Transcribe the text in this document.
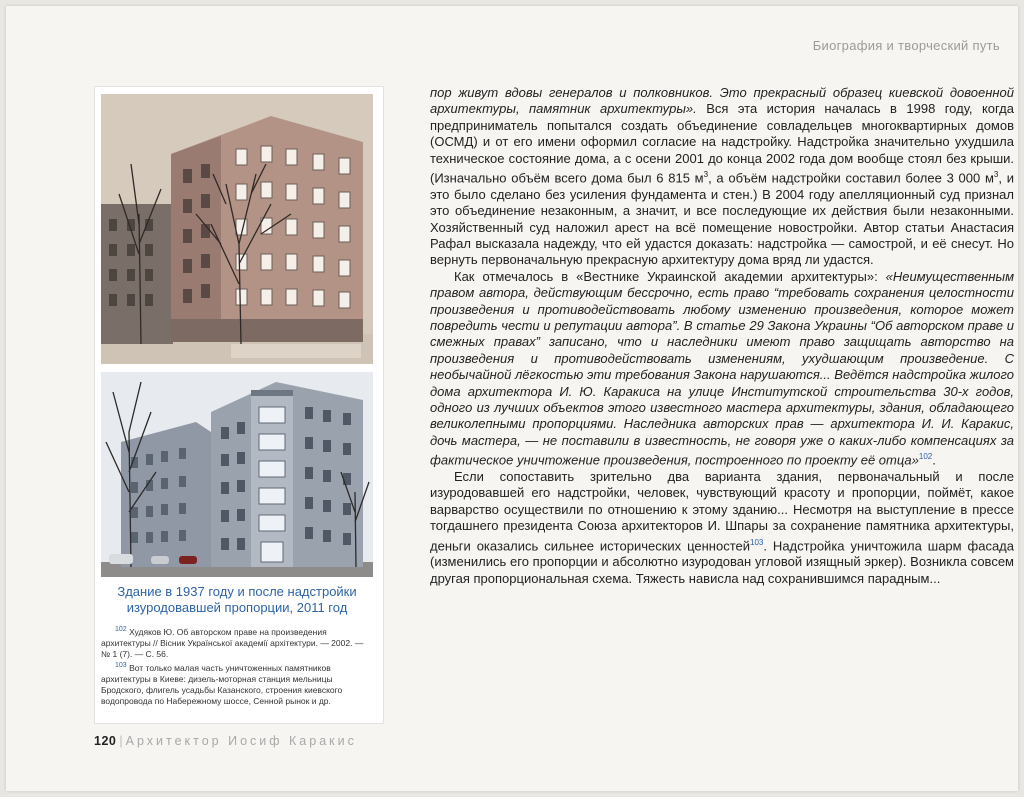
Биография и творческий путь
Здание в 1937 году и после надстройки изуродовавшей пропорции, 2011 год

$^{102}$ Худяков Ю. Об авторском праве на произведения архитектуры // Вісник Української академії архітектури. — 2002. — № 1 (7). — С. 56.

$^{103}$ Вот только малая часть уничтоженных памятников архитектуры в Киеве: дизель-моторная станция мельницы Бродского, флигель усадьбы Казанского, строения киевского водопровода по Набережному шоссе, Сенной рынок и др.

пор живут вдовы генералов и полковников. Это прекрасный образец киевской довоенной архитектуры, памятник архитектуры». Вся эта история началась в 1998 году, когда предприниматель попытался создать объединение совладельцев многоквартирных домов (ОСМД) и от его имени оформил согласие на надстройку. Надстройка значительно ухудшила техническое состояние дома, а с осени 2001 до конца 2002 года дом вообще стоял без крыши. (Изначально объём всего дома был 6 815 $м^3$, а объём надстройки составил более 3 000 $м^3$, и это было сделано без усиления фундамента и стен.) В 2004 году апелляционный суд признал это объединение незаконным, а значит, и все последующие их действия были незаконными. Хозяйственный суд наложил арест на всё помещение новостройки. Автор статьи Анастасия Рафал высказала надежду, что ей удастся доказать: надстройка — самострой, и её снесут. Но вернуть первоначальную прекрасную архитектуру дома вряд ли удастся.

Как отмечалось в «Вестнике Украинской академии архитектуры»: «Неимущественным правом автора, действующим бессрочно, есть право “требовать сохранения целостности произведения и противодействовать любому изменению произведения, которое может повредить чести и репутации автора”. В статье 29 Закона Украины “Об авторском праве и смежных правах” записано, что и наследники имеют право защищать авторство на произведения и противодействовать изменениям, ухудшающим произведение. С необычайной лёгкостью эти требования Закона нарушаются... Ведётся надстройка жилого дома архитектора И. Ю. Каракиса на улице Институтской строительства 30-х годов, одного из лучших объектов этого известного мастера архитектуры, здания, обладающего великолепными пропорциями. Наследника авторских прав — архитектора И. И. Каракис, дочь мастера, — не поставили в известность, не говоря уже о каких-либо компенсациях за фактическое уничтожение произведения, построенного по проекту её отца»$^{102}$.

Если сопоставить зрительно два варианта здания, первоначальный и после изуродовавшей его надстройки, человек, чувствующий красоту и пропорции, поймёт, какое варварство осуществили по отношению к этому зданию... Несмотря на выступление в прессе тогдашнего президента Союза архитекторов И. Шпары за сохранение памятника архитектуры, деньги оказались сильнее исторических ценностей$^{103}$. Надстройка уничтожила шарм фасада (изменились его пропорции и абсолютно изуродован угловой изящный эркер). Возникла совсем другая пропорциональная схема. Тяжесть нависла над сохранившимся парадным...

120 | Архитектор Иосиф Каракис
